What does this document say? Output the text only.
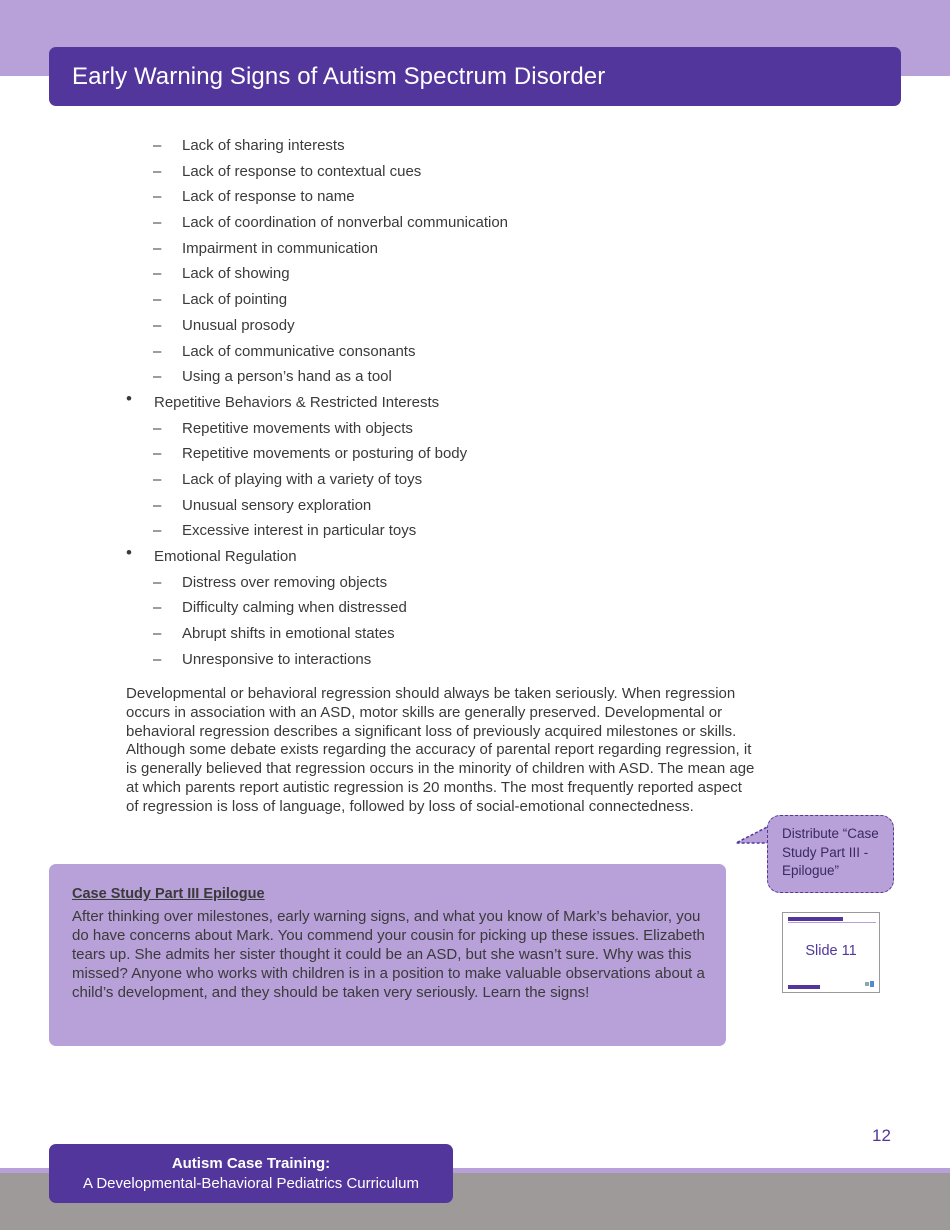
Early Warning Signs of Autism Spectrum Disorder
– Lack of sharing interests
– Lack of response to contextual cues
– Lack of response to name
– Lack of coordination of nonverbal communication
– Impairment in communication
– Lack of showing
– Lack of pointing
– Unusual prosody
– Lack of communicative consonants
– Using a person’s hand as a tool
• Repetitive Behaviors & Restricted Interests
– Repetitive movements with objects
– Repetitive movements or posturing of body
– Lack of playing with a variety of toys
– Unusual sensory exploration
– Excessive interest in particular toys
• Emotional Regulation
– Distress over removing objects
– Difficulty calming when distressed
– Abrupt shifts in emotional states
– Unresponsive to interactions

Developmental or behavioral regression should always be taken seriously. When regression occurs in association with an ASD, motor skills are generally preserved. Developmental or behavioral regression describes a significant loss of previously acquired milestones or skills. Although some debate exists regarding the accuracy of parental report regarding regression, it is generally believed that regression occurs in the minority of children with ASD. The mean age at which parents report autistic regression is 20 months. The most frequently reported aspect of regression is loss of language, followed by loss of social-emotional connectedness.

Distribute “Case Study Part III - Epilogue”
Slide 11
Case Study Part III Epilogue

After thinking over milestones, early warning signs, and what you know of Mark’s behavior, you do have concerns about Mark. You commend your cousin for picking up these issues. Elizabeth tears up. She admits her sister thought it could be an ASD, but she wasn’t sure. Why was this missed? Anyone who works with children is in a position to make valuable observations about a child’s development, and they should be taken very seriously. Learn the signs!

12
Autism Case Training:
A Developmental-Behavioral Pediatrics Curriculum
